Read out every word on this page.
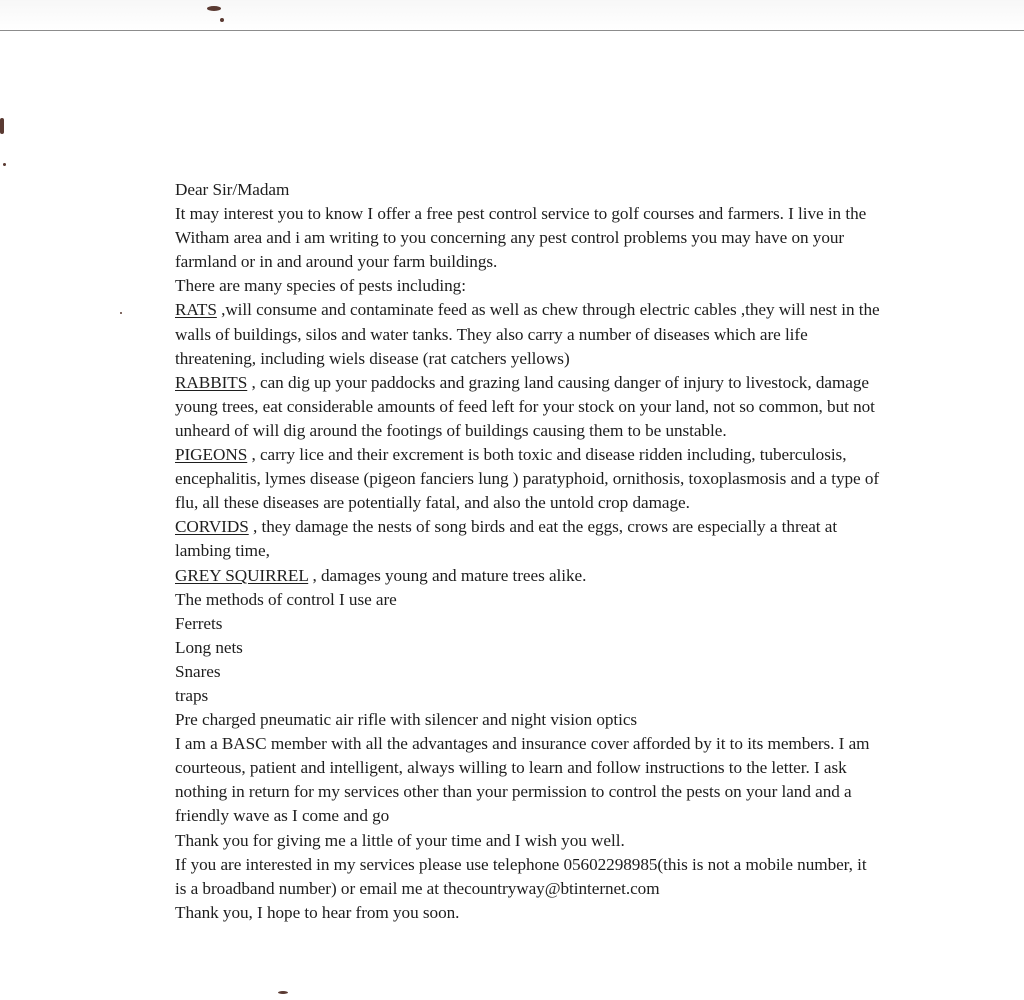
Dear Sir/Madam

It may interest you to know I offer a free pest control service to golf courses and farmers. I live in the

Witham area and i am writing to you concerning any pest control problems you may have on your

farmland or in and around your farm buildings.

There are many species of pests including:

RATS ,will consume and contaminate feed as well as chew through electric cables ,they will nest in the

walls of buildings, silos and water tanks. They also carry a number of diseases which are life

threatening, including wiels disease (rat catchers yellows)

RABBITS , can dig up your paddocks and grazing land causing danger of injury to livestock, damage

young trees, eat considerable amounts of feed left for your stock on your land, not so common, but not

unheard of will dig around the footings of buildings causing them to be unstable.

PIGEONS , carry lice and their excrement is both toxic and disease ridden including, tuberculosis,

encephalitis, lymes disease (pigeon fanciers lung ) paratyphoid, ornithosis, toxoplasmosis and a type of

flu, all these diseases are potentially fatal, and also the untold crop damage.

CORVIDS , they damage the nests of song birds and eat the eggs, crows are especially a threat at

lambing time,

GREY SQUIRREL , damages young and mature trees alike.

The methods of control I use are

Ferrets

Long nets

Snares

traps

Pre charged pneumatic air rifle with silencer and night vision optics

I am a BASC member with all the advantages and insurance cover afforded by it to its members. I am

courteous, patient and intelligent, always willing to learn and follow instructions to the letter. I ask

nothing in return for my services other than your permission to control the pests on your land and a

friendly wave as I come and go

Thank you for giving me a little of your time and I wish you well.

If you are interested in my services please use telephone 05602298985(this is not a mobile number, it

is a broadband number) or email me at thecountryway@btinternet.com

Thank you, I hope to hear from you soon.
